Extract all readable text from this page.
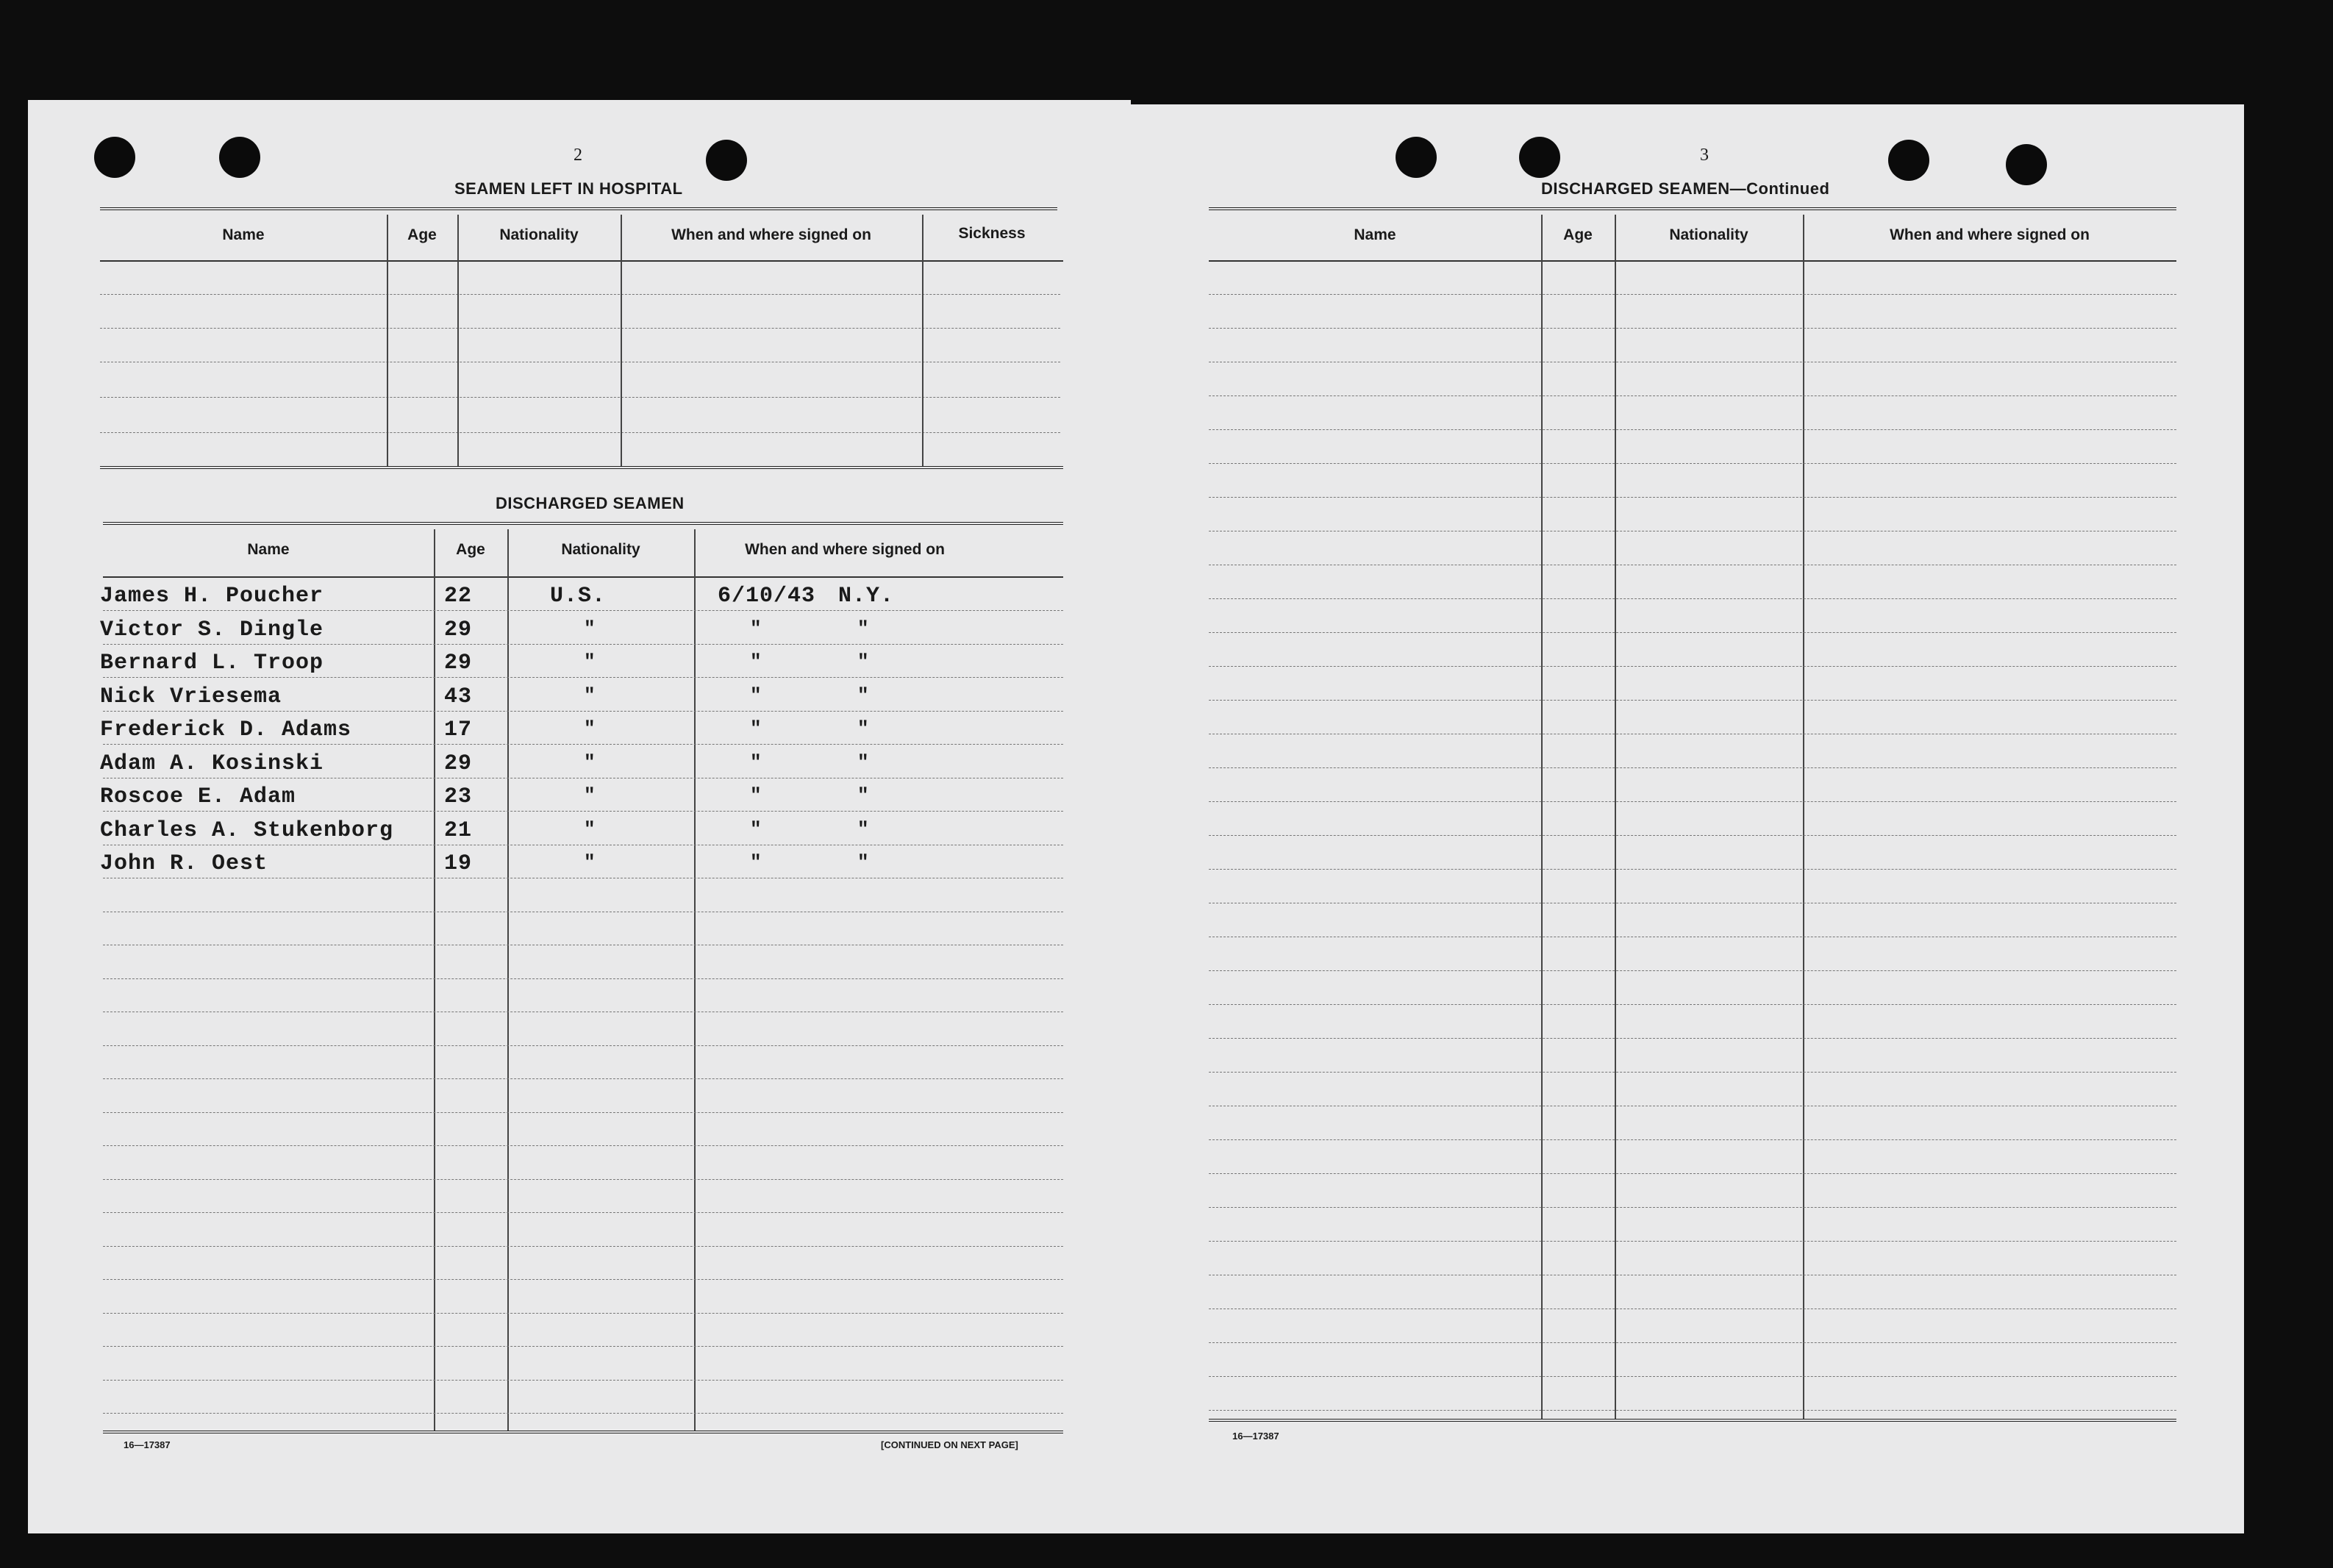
2
SEAMEN LEFT IN HOSPITAL
Name	Age	Nationality	When and where signed on	Sickness
DISCHARGED SEAMEN
Name	Age	Nationality	When and where signed on
James H. Poucher	22	U.S.	6/10/43 N.Y.
Victor S. Dingle	29	"	"	"
Bernard L. Troop	29	"	"	"
Nick Vriesema	43	"	"	"
Frederick D. Adams	17	"	"	"
Adam A. Kosinski	29	"	"	"
Roscoe E. Adam	23	"	"	"
Charles A. Stukenborg 21	"	"	"
John R. Oest	19	"	"	"
16—17387	[CONTINUED ON NEXT PAGE]
3
DISCHARGED SEAMEN—Continued
Name	Age	Nationality	When and where signed on
16—17387
